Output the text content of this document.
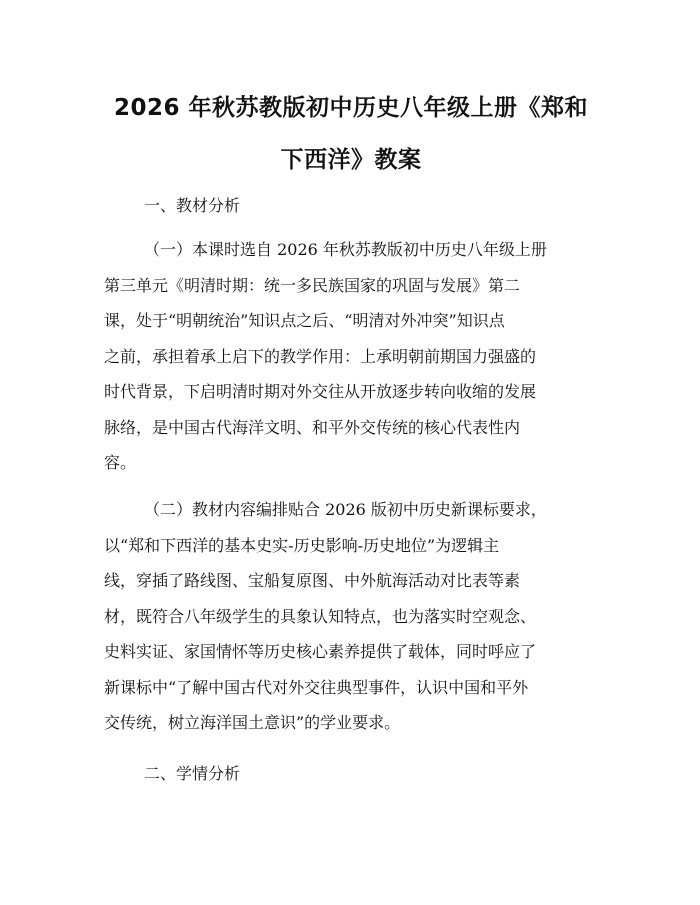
2026 年秋苏教版初中历史八年级上册《郑和
下西洋》教案
一、教材分析
（一）本课时选自 2026 年秋苏教版初中历史八年级上册
第三单元《明清时期：统一多民族国家的巩固与发展》第二
课，处于“明朝统治”知识点之后、“明清对外冲突”知识点
之前，承担着承上启下的教学作用：上承明朝前期国力强盛的
时代背景，下启明清时期对外交往从开放逐步转向收缩的发展
脉络，是中国古代海洋文明、和平外交传统的核心代表性内
容。
（二）教材内容编排贴合 2026 版初中历史新课标要求，
以“郑和下西洋的基本史实-历史影响-历史地位”为逻辑主
线，穿插了路线图、宝船复原图、中外航海活动对比表等素
材，既符合八年级学生的具象认知特点，也为落实时空观念、
史料实证、家国情怀等历史核心素养提供了载体，同时呼应了
新课标中“了解中国古代对外交往典型事件，认识中国和平外
交传统，树立海洋国土意识”的学业要求。
二、学情分析
